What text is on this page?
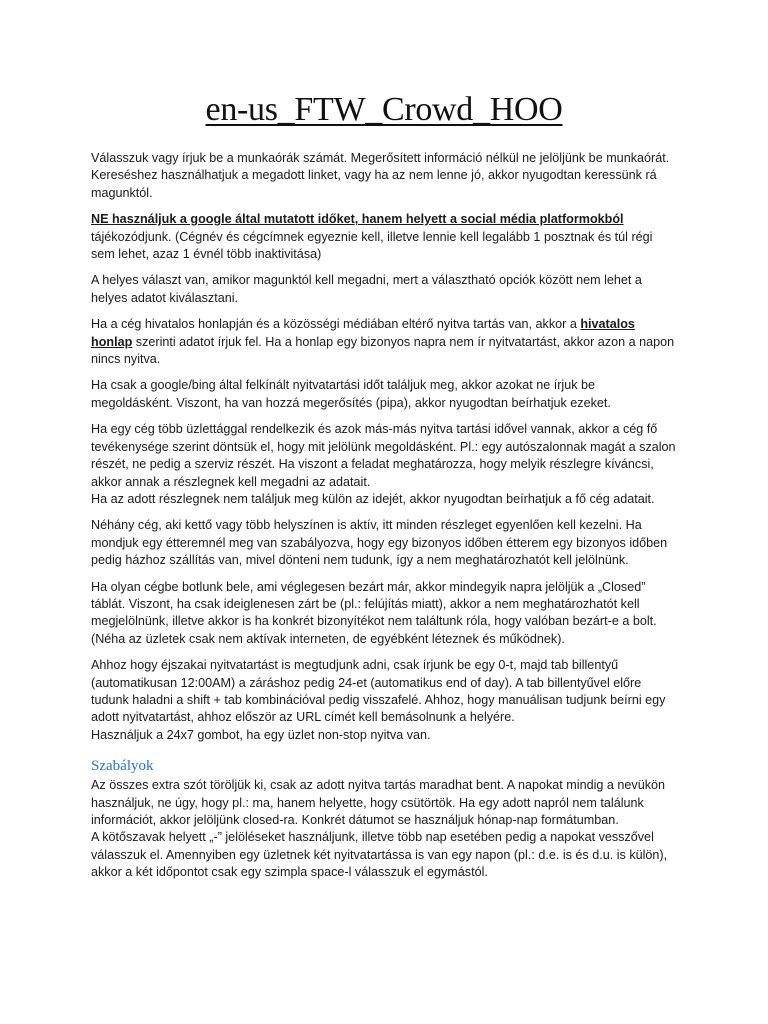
en-us_FTW_Crowd_HOO

Válasszuk vagy írjuk be a munkaórák számát. Megerősített információ nélkül ne jelöljünk be munkaórát. Kereséshez használhatjuk a megadott linket, vagy ha az nem lenne jó, akkor nyugodtan keressünk rá magunktól.

NE használjuk a google által mutatott időket, hanem helyett a social média platformokból tájékozódjunk. (Cégnév és cégcímnek egyeznie kell, illetve lennie kell legalább 1 posztnak és túl régi sem lehet, azaz 1 évnél több inaktivitása)

A helyes választ van, amikor magunktól kell megadni, mert a választható opciók között nem lehet a helyes adatot kiválasztani.

Ha a cég hivatalos honlapján és a közösségi médiában eltérő nyitva tartás van, akkor a hivatalos honlap szerinti adatot írjuk fel. Ha a honlap egy bizonyos napra nem ír nyitvatartást, akkor azon a napon nincs nyitva.

Ha csak a google/bing által felkínált nyitvatartási időt találjuk meg, akkor azokat ne írjuk be megoldásként. Viszont, ha van hozzá megerősítés (pipa), akkor nyugodtan beírhatjuk ezeket.

Ha egy cég több üzlettággal rendelkezik és azok más-más nyitva tartási idővel vannak, akkor a cég fő tevékenysége szerint döntsük el, hogy mit jelölünk megoldásként. Pl.: egy autószalonnak magát a szalon részét, ne pedig a szerviz részét. Ha viszont a feladat meghatározza, hogy melyik részlegre kíváncsi, akkor annak a részlegnek kell megadni az adatait.
Ha az adott részlegnek nem találjuk meg külön az idejét, akkor nyugodtan beírhatjuk a fő cég adatait.

Néhány cég, aki kettő vagy több helyszínen is aktív, itt minden részleget egyenlően kell kezelni. Ha mondjuk egy étteremnél meg van szabályozva, hogy egy bizonyos időben étterem egy bizonyos időben pedig házhoz szállítás van, mivel dönteni nem tudunk, így a nem meghatározhatót kell jelölnünk.

Ha olyan cégbe botlunk bele, ami véglegesen bezárt már, akkor mindegyik napra jelöljük a „Closed” táblát. Viszont, ha csak ideiglenesen zárt be (pl.: felújítás miatt), akkor a nem meghatározhatót kell megjelölnünk, illetve akkor is ha konkrét bizonyítékot nem találtunk róla, hogy valóban bezárt-e a bolt. (Néha az üzletek csak nem aktívak interneten, de egyébként léteznek és működnek).

Ahhoz hogy éjszakai nyitvatartást is megtudjunk adni, csak írjunk be egy 0-t, majd tab billentyű (automatikusan 12:00AM) a záráshoz pedig 24-et (automatikus end of day). A tab billentyűvel előre tudunk haladni a shift + tab kombinációval pedig visszafelé. Ahhoz, hogy manuálisan tudjunk beírni egy adott nyitvatartást, ahhoz először az URL címét kell bemásolnunk a helyére.
Használjuk a 24x7 gombot, ha egy üzlet non-stop nyitva van.

Szabályok

Az összes extra szót töröljük ki, csak az adott nyitva tartás maradhat bent. A napokat mindig a nevükön használjuk, ne úgy, hogy pl.: ma, hanem helyette, hogy csütörtök. Ha egy adott napról nem találunk információt, akkor jelöljünk closed-ra. Konkrét dátumot se használjuk hónap-nap formátumban.
A kötőszavak helyett „-” jelöléseket használjunk, illetve több nap esetében pedig a napokat vesszővel válasszuk el. Amennyiben egy üzletnek két nyitvatartássa is van egy napon (pl.: d.e. is és d.u. is külön), akkor a két időpontot csak egy szimpla space-l válasszuk el egymástól.
